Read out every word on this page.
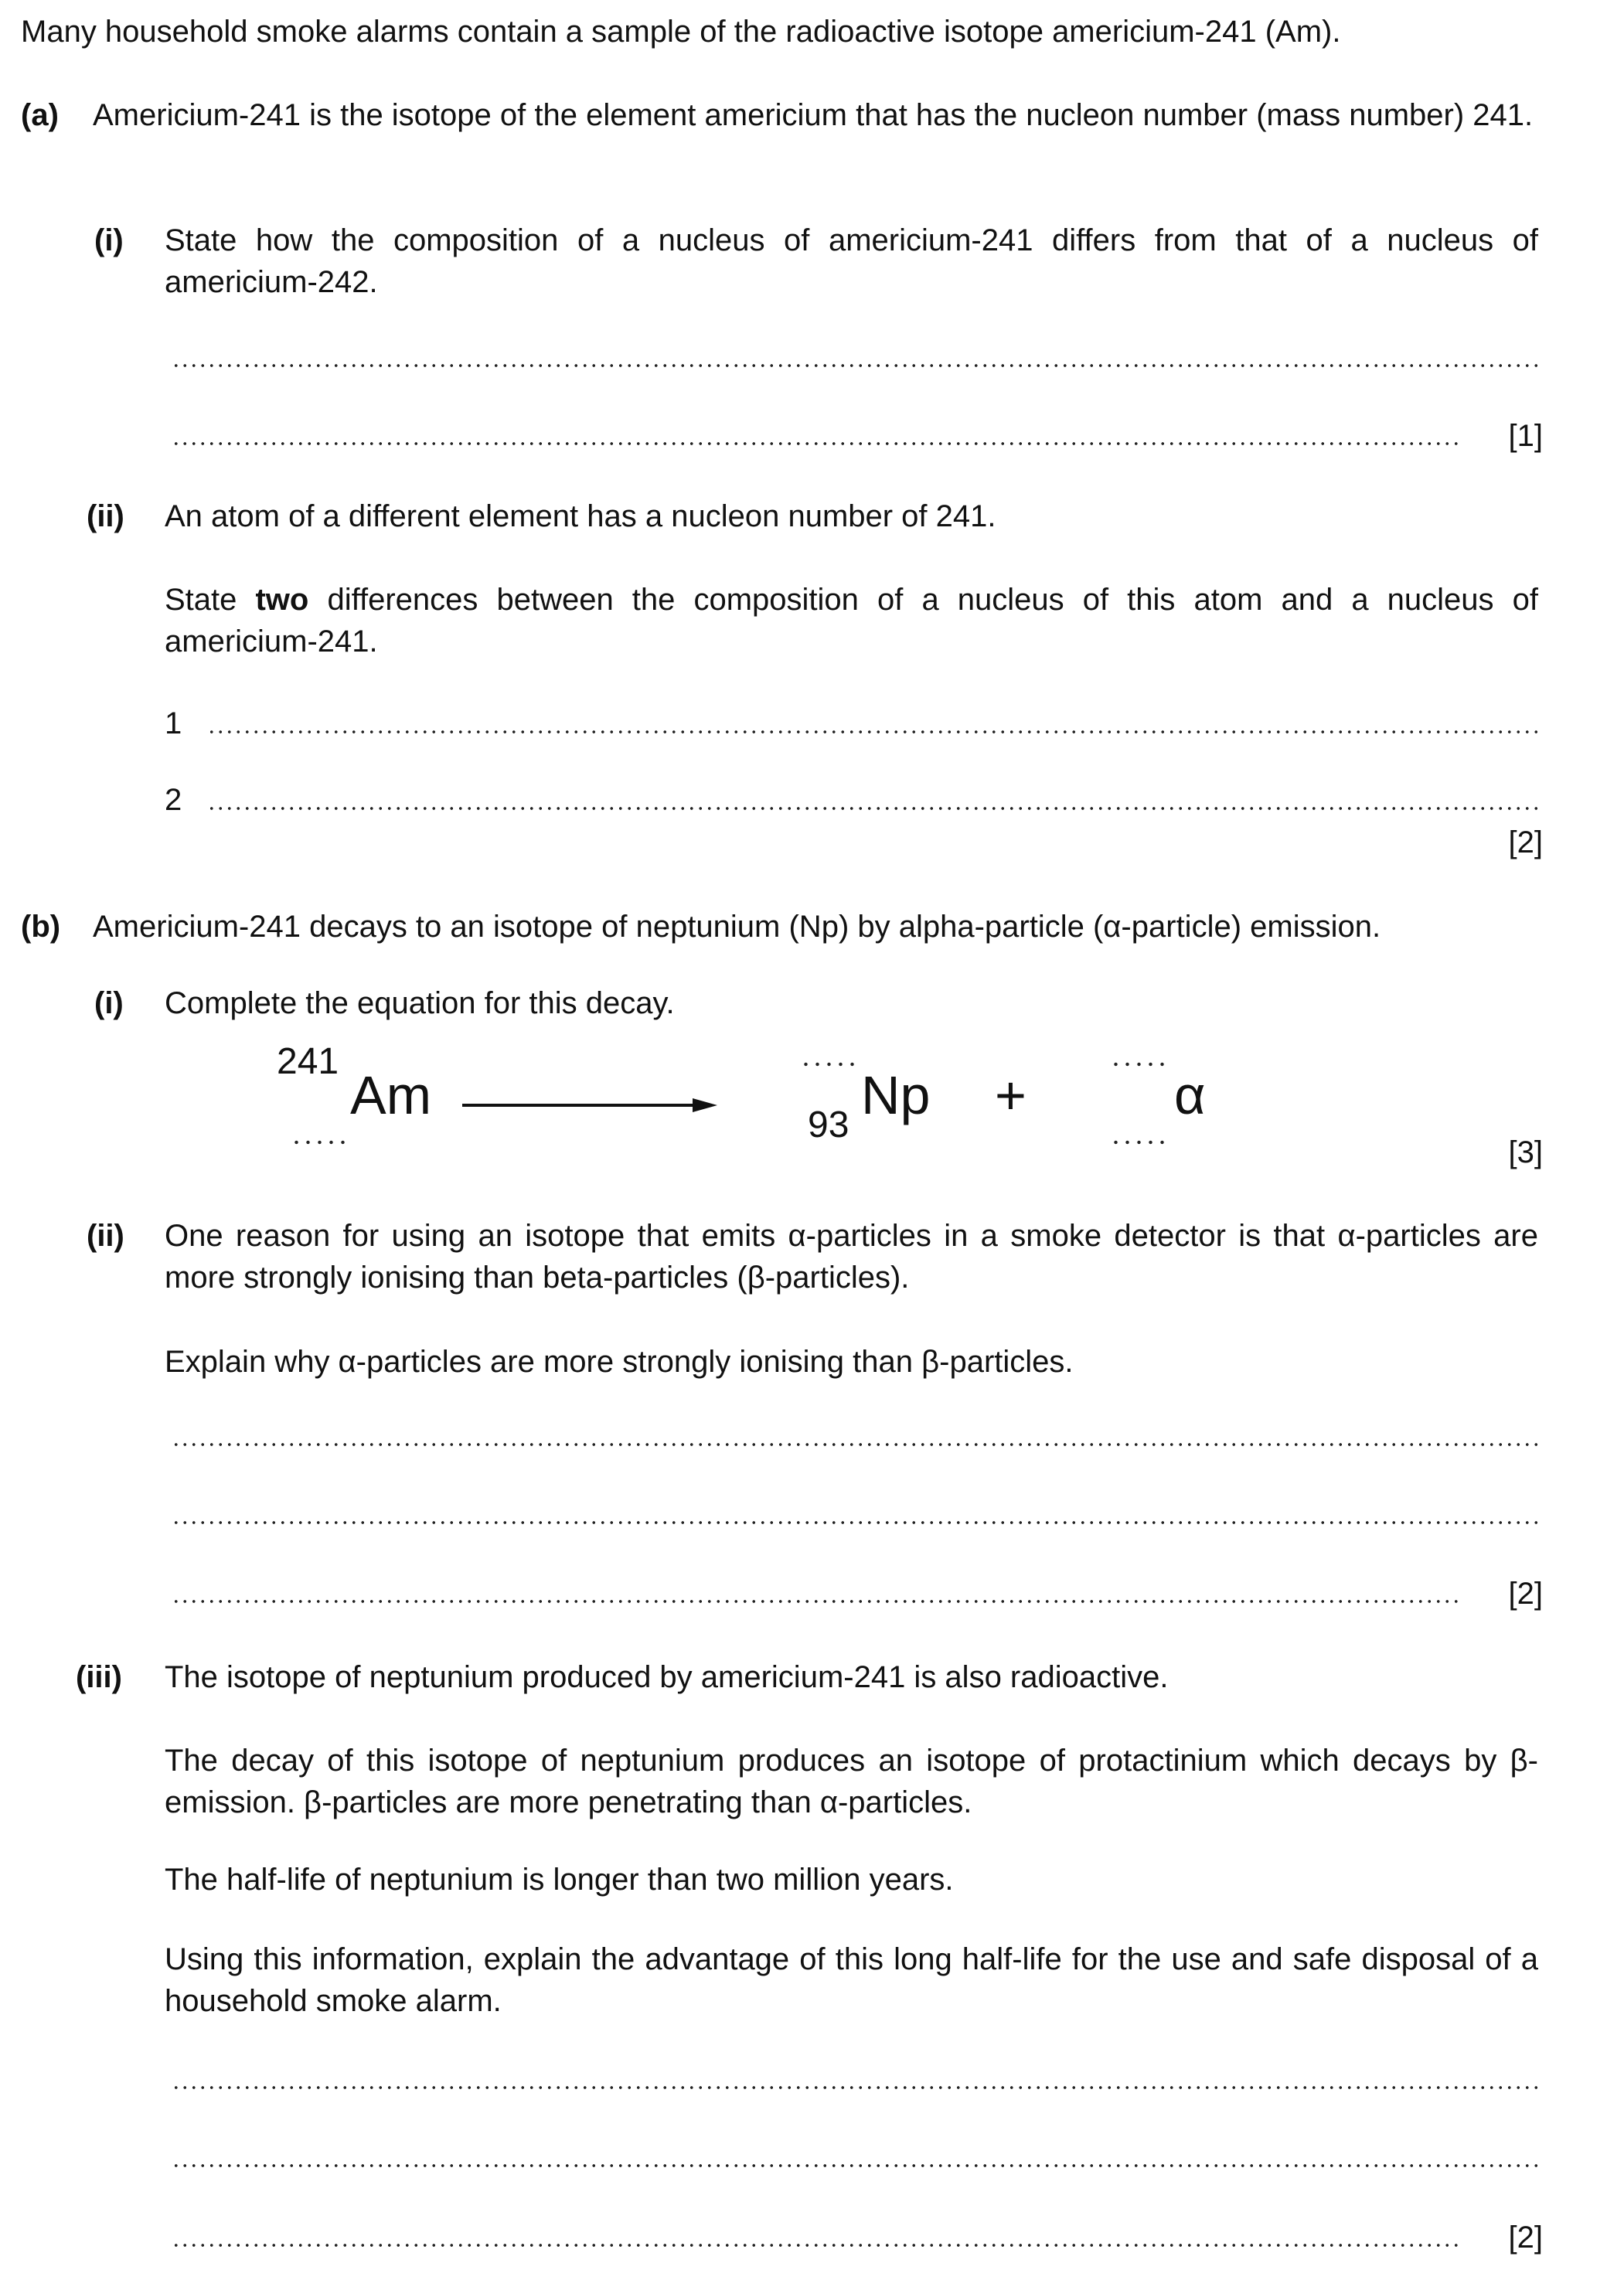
Many household smoke alarms contain a sample of the radioactive isotope americium-241 (Am).
(a) Americium-241 is the isotope of the element americium that has the nucleon number (mass number) 241.
(i) State how the composition of a nucleus of americium-241 differs from that of a nucleus of americium-242.
[1]
(ii) An atom of a different element has a nucleon number of 241.
State two differences between the composition of a nucleus of this atom and a nucleus of americium-241.
1
2
[2]
(b) Americium-241 decays to an isotope of neptunium (Np) by alpha-particle (α-particle) emission.
(i) Complete the equation for this decay.
241
Am	Np
93	+	α
[3]
(ii) One reason for using an isotope that emits α-particles in a smoke detector is that α-particles are more strongly ionising than beta-particles (β-particles).
Explain why α-particles are more strongly ionising than β-particles.
[2]
(iii) The isotope of neptunium produced by americium-241 is also radioactive.
The decay of this isotope of neptunium produces an isotope of protactinium which decays by β-emission. β-particles are more penetrating than α-particles.
The half-life of neptunium is longer than two million years.
Using this information, explain the advantage of this long half-life for the use and safe disposal of a household smoke alarm.
[2]
